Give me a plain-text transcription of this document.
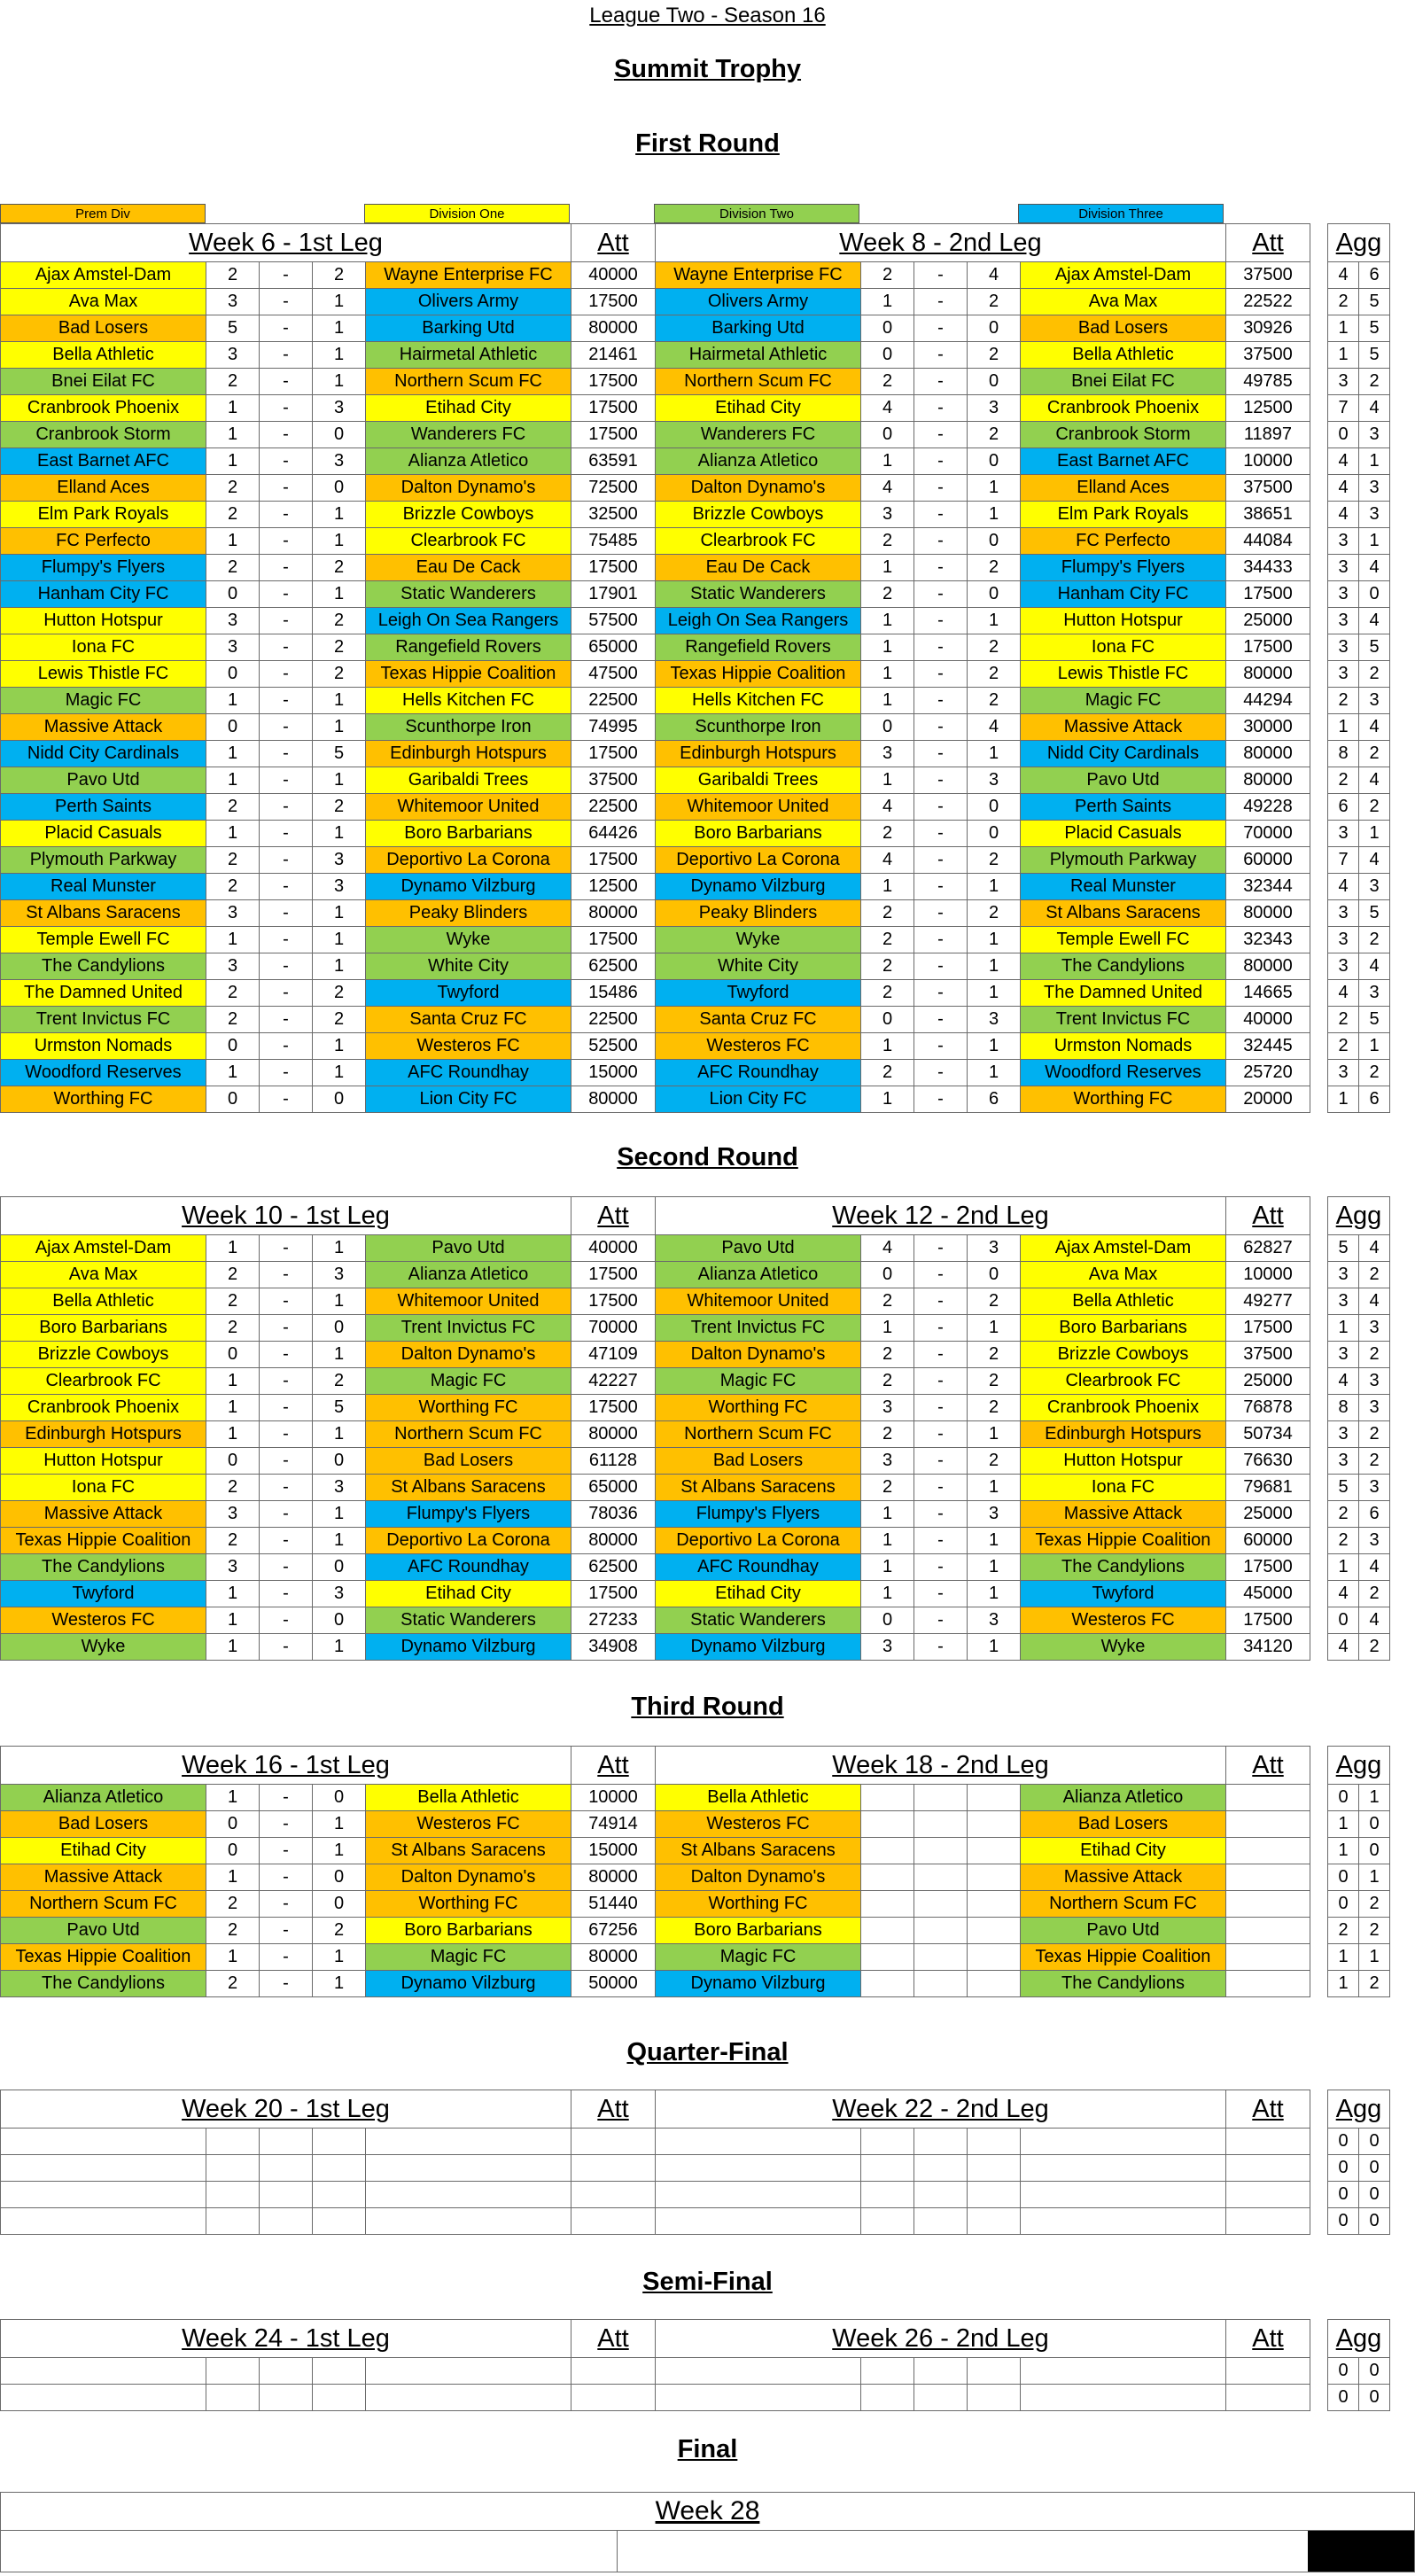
League Two - Season 16
Summit Trophy
Prem Div	Division One	Division Two	Division Three
First Round
Week 6 - 1st Leg					Att	Week 8 - 2nd Leg					Att		Agg	
Ajax Amstel-Dam	2	-	2	Wayne Enterprise FC	40000	Wayne Enterprise FC	2	-	4	Ajax Amstel-Dam	37500		4	6
Ava Max	3	-	1	Olivers Army	17500	Olivers Army	1	-	2	Ava Max	22522		2	5
Bad Losers	5	-	1	Barking Utd	80000	Barking Utd	0	-	0	Bad Losers	30926		1	5
Bella Athletic	3	-	1	Hairmetal Athletic	21461	Hairmetal Athletic	0	-	2	Bella Athletic	37500		1	5
Bnei Eilat FC	2	-	1	Northern Scum FC	17500	Northern Scum FC	2	-	0	Bnei Eilat FC	49785		3	2
Cranbrook Phoenix	1	-	3	Etihad City	17500	Etihad City	4	-	3	Cranbrook Phoenix	12500		7	4
Cranbrook Storm	1	-	0	Wanderers FC	17500	Wanderers FC	0	-	2	Cranbrook Storm	11897		0	3
East Barnet AFC	1	-	3	Alianza Atletico	63591	Alianza Atletico	1	-	0	East Barnet AFC	10000		4	1
Elland Aces	2	-	0	Dalton Dynamo's	72500	Dalton Dynamo's	4	-	1	Elland Aces	37500		4	3
Elm Park Royals	2	-	1	Brizzle Cowboys	32500	Brizzle Cowboys	3	-	1	Elm Park Royals	38651		4	3
FC Perfecto	1	-	1	Clearbrook FC	75485	Clearbrook FC	2	-	0	FC Perfecto	44084		3	1
Flumpy's Flyers	2	-	2	Eau De Cack	17500	Eau De Cack	1	-	2	Flumpy's Flyers	34433		3	4
Hanham City FC	0	-	1	Static Wanderers	17901	Static Wanderers	2	-	0	Hanham City FC	17500		3	0
Hutton Hotspur	3	-	2	Leigh On Sea Rangers	57500	Leigh On Sea Rangers	1	-	1	Hutton Hotspur	25000		3	4
Iona FC	3	-	2	Rangefield Rovers	65000	Rangefield Rovers	1	-	2	Iona FC	17500		3	5
Lewis Thistle FC	0	-	2	Texas Hippie Coalition	47500	Texas Hippie Coalition	1	-	2	Lewis Thistle FC	80000		3	2
Magic FC	1	-	1	Hells Kitchen FC	22500	Hells Kitchen FC	1	-	2	Magic FC	44294		2	3
Massive Attack	0	-	1	Scunthorpe Iron	74995	Scunthorpe Iron	0	-	4	Massive Attack	30000		1	4
Nidd City Cardinals	1	-	5	Edinburgh Hotspurs	17500	Edinburgh Hotspurs	3	-	1	Nidd City Cardinals	80000		8	2
Pavo Utd	1	-	1	Garibaldi Trees	37500	Garibaldi Trees	1	-	3	Pavo Utd	80000		2	4
Perth Saints	2	-	2	Whitemoor United	22500	Whitemoor United	4	-	0	Perth Saints	49228		6	2
Placid Casuals	1	-	1	Boro Barbarians	64426	Boro Barbarians	2	-	0	Placid Casuals	70000		3	1
Plymouth Parkway	2	-	3	Deportivo La Corona	17500	Deportivo La Corona	4	-	2	Plymouth Parkway	60000		7	4
Real Munster	2	-	3	Dynamo Vilzburg	12500	Dynamo Vilzburg	1	-	1	Real Munster	32344		4	3
St Albans Saracens	3	-	1	Peaky Blinders	80000	Peaky Blinders	2	-	2	St Albans Saracens	80000		3	5
Temple Ewell FC	1	-	1	Wyke	17500	Wyke	2	-	1	Temple Ewell FC	32343		3	2
The Candylions	3	-	1	White City	62500	White City	2	-	1	The Candylions	80000		3	4
The Damned United	2	-	2	Twyford	15486	Twyford	2	-	1	The Damned United	14665		4	3
Trent Invictus FC	2	-	2	Santa Cruz FC	22500	Santa Cruz FC	0	-	3	Trent Invictus FC	40000		2	5
Urmston Nomads	0	-	1	Westeros FC	52500	Westeros FC	1	-	1	Urmston Nomads	32445		2	1
Woodford Reserves	1	-	1	AFC Roundhay	15000	AFC Roundhay	2	-	1	Woodford Reserves	25720		3	2
Worthing FC	0	-	0	Lion City FC	80000	Lion City FC	1	-	6	Worthing FC	20000		1	6
Second Round
Week 10 - 1st Leg					Att	Week 12 - 2nd Leg					Att		Agg	
Ajax Amstel-Dam	1	-	1	Pavo Utd	40000	Pavo Utd	4	-	3	Ajax Amstel-Dam	62827		5	4
Ava Max	2	-	3	Alianza Atletico	17500	Alianza Atletico	0	-	0	Ava Max	10000		3	2
Bella Athletic	2	-	1	Whitemoor United	17500	Whitemoor United	2	-	2	Bella Athletic	49277		3	4
Boro Barbarians	2	-	0	Trent Invictus FC	70000	Trent Invictus FC	1	-	1	Boro Barbarians	17500		1	3
Brizzle Cowboys	0	-	1	Dalton Dynamo's	47109	Dalton Dynamo's	2	-	2	Brizzle Cowboys	37500		3	2
Clearbrook FC	1	-	2	Magic FC	42227	Magic FC	2	-	2	Clearbrook FC	25000		4	3
Cranbrook Phoenix	1	-	5	Worthing FC	17500	Worthing FC	3	-	2	Cranbrook Phoenix	76878		8	3
Edinburgh Hotspurs	1	-	1	Northern Scum FC	80000	Northern Scum FC	2	-	1	Edinburgh Hotspurs	50734		3	2
Hutton Hotspur	0	-	0	Bad Losers	61128	Bad Losers	3	-	2	Hutton Hotspur	76630		3	2
Iona FC	2	-	3	St Albans Saracens	65000	St Albans Saracens	2	-	1	Iona FC	79681		5	3
Massive Attack	3	-	1	Flumpy's Flyers	78036	Flumpy's Flyers	1	-	3	Massive Attack	25000		2	6
Texas Hippie Coalition	2	-	1	Deportivo La Corona	80000	Deportivo La Corona	1	-	1	Texas Hippie Coalition	60000		2	3
The Candylions	3	-	0	AFC Roundhay	62500	AFC Roundhay	1	-	1	The Candylions	17500		1	4
Twyford	1	-	3	Etihad City	17500	Etihad City	1	-	1	Twyford	45000		4	2
Westeros FC	1	-	0	Static Wanderers	27233	Static Wanderers	0	-	3	Westeros FC	17500		0	4
Wyke	1	-	1	Dynamo Vilzburg	34908	Dynamo Vilzburg	3	-	1	Wyke	34120		4	2
Third Round
Week 16 - 1st Leg					Att	Week 18 - 2nd Leg					Att		Agg	
Alianza Atletico	1	-	0	Bella Athletic	10000	Bella Athletic				Alianza Atletico			0	1
Bad Losers	0	-	1	Westeros FC	74914	Westeros FC				Bad Losers			1	0
Etihad City	0	-	1	St Albans Saracens	15000	St Albans Saracens				Etihad City			1	0
Massive Attack	1	-	0	Dalton Dynamo's	80000	Dalton Dynamo's				Massive Attack			0	1
Northern Scum FC	2	-	0	Worthing FC	51440	Worthing FC				Northern Scum FC			0	2
Pavo Utd	2	-	2	Boro Barbarians	67256	Boro Barbarians				Pavo Utd			2	2
Texas Hippie Coalition	1	-	1	Magic FC	80000	Magic FC				Texas Hippie Coalition			1	1
The Candylions	2	-	1	Dynamo Vilzburg	50000	Dynamo Vilzburg				The Candylions			1	2
Quarter-Final
Week 20 - 1st Leg					Att	Week 22 - 2nd Leg					Att		Agg	
													0	0
													0	0
													0	0
													0	0
Semi-Final
Week 24 - 1st Leg					Att	Week 26 - 2nd Leg					Att		Agg	
													0	0
													0	0
Final
Week 28
